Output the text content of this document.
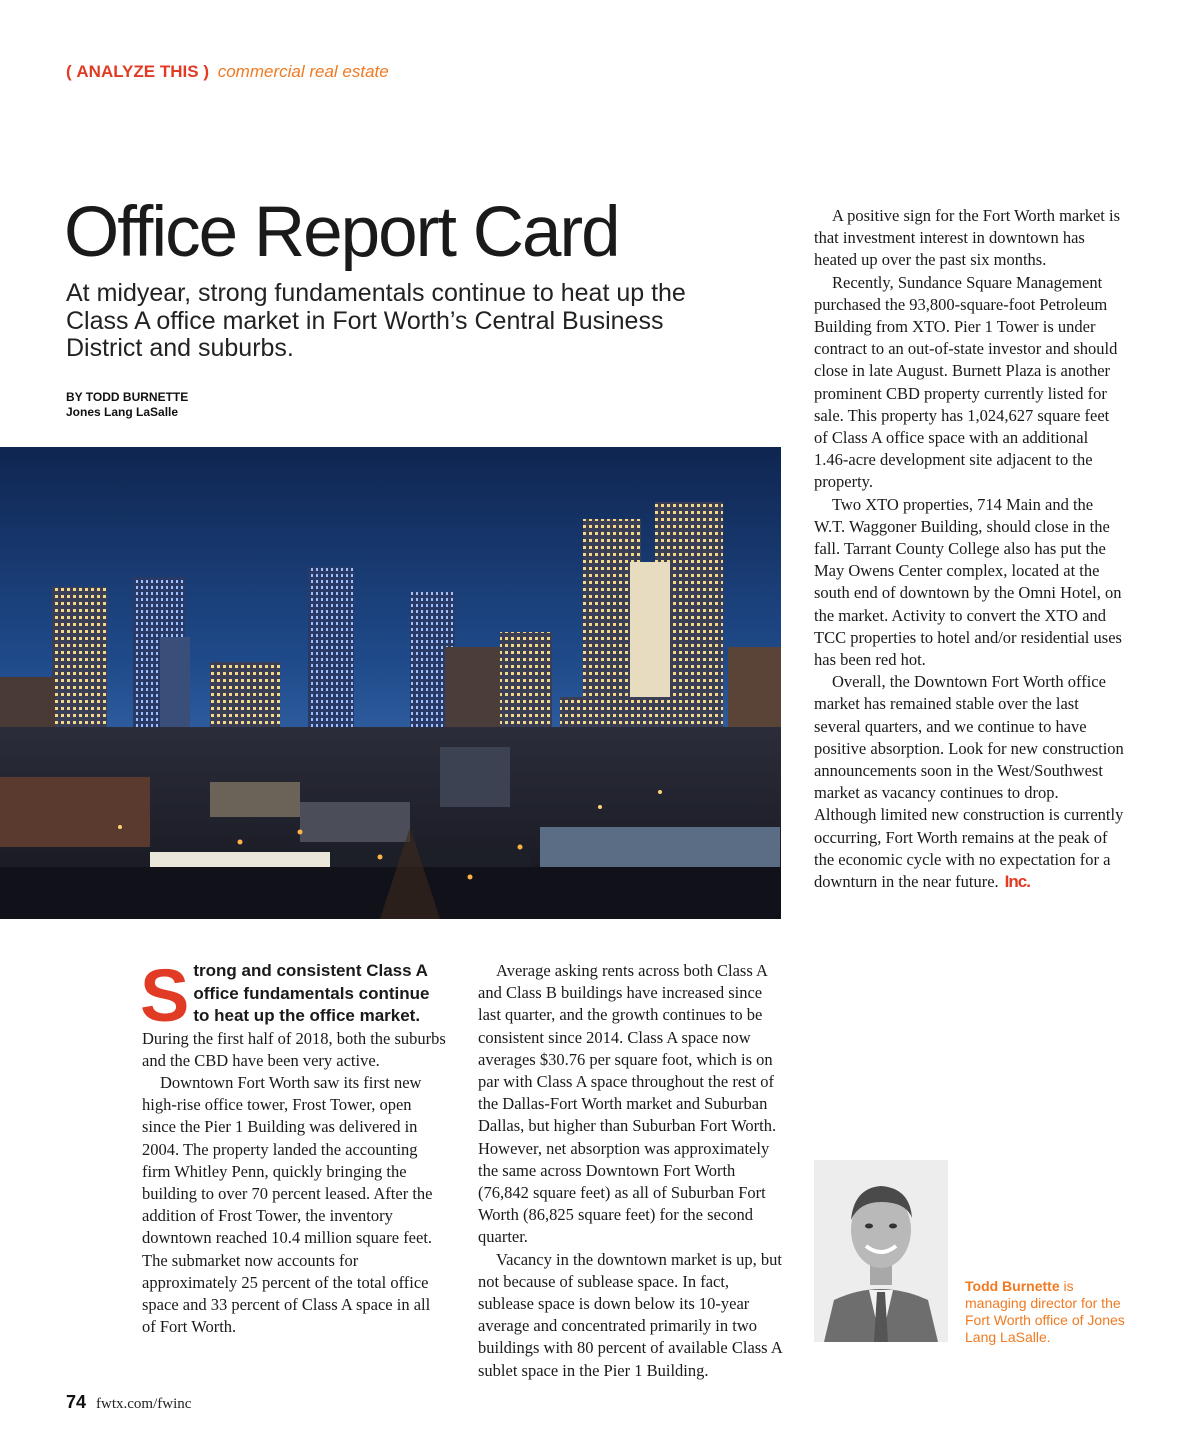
( ANALYZE THIS ) commercial real estate
Office Report Card

At midyear, strong fundamentals continue to heat up the Class A office market in Fort Worth’s Central Business District and suburbs.

BY TODD BURNETTE
Jones Lang LaSalle
S trong and consistent Class A office fundamentals continue to heat up the office market.

During the first half of 2018, both the suburbs and the CBD have been very active.

Downtown Fort Worth saw its first new high-rise office tower, Frost Tower, open since the Pier 1 Building was delivered in 2004. The property landed the accounting firm Whitley Penn, quickly bringing the building to over 70 percent leased. After the addition of Frost Tower, the inventory downtown reached 10.4 million square feet. The submarket now accounts for approximately 25 percent of the total office space and 33 percent of Class A space in all of Fort Worth.

Average asking rents across both Class A and Class B buildings have increased since last quarter, and the growth continues to be consistent since 2014. Class A space now averages $30.76 per square foot, which is on par with Class A space throughout the rest of the Dallas-Fort Worth market and Suburban Dallas, but higher than Suburban Fort Worth. However, net absorption was approximately the same across Downtown Fort Worth (76,842 square feet) as all of Suburban Fort Worth (86,825 square feet) for the second quarter.

Vacancy in the downtown market is up, but not because of sublease space. In fact, sublease space is down below its 10-year average and concentrated primarily in two buildings with 80 percent of available Class A sublet space in the Pier 1 Building.

A positive sign for the Fort Worth market is that investment interest in downtown has heated up over the past six months.

Recently, Sundance Square Management purchased the 93,800-square-foot Petroleum Building from XTO. Pier 1 Tower is under contract to an out-of-state investor and should close in late August. Burnett Plaza is another prominent CBD property currently listed for sale. This property has 1,024,627 square feet of Class A office space with an additional 1.46-acre development site adjacent to the property.

Two XTO properties, 714 Main and the W.T. Waggoner Building, should close in the fall. Tarrant County College also has put the May Owens Center complex, located at the south end of downtown by the Omni Hotel, on the market. Activity to convert the XTO and TCC properties to hotel and/or residential uses has been red hot.

Overall, the Downtown Fort Worth office market has remained stable over the last several quarters, and we continue to have positive absorption. Look for new construction announcements soon in the West/Southwest market as vacancy continues to drop. Although limited new construction is currently occurring, Fort Worth remains at the peak of the economic cycle with no expectation for a downturn in the near future. Inc.

Todd Burnette is managing director for the Fort Worth office of Jones Lang LaSalle.

74 fwtx.com/fwinc
